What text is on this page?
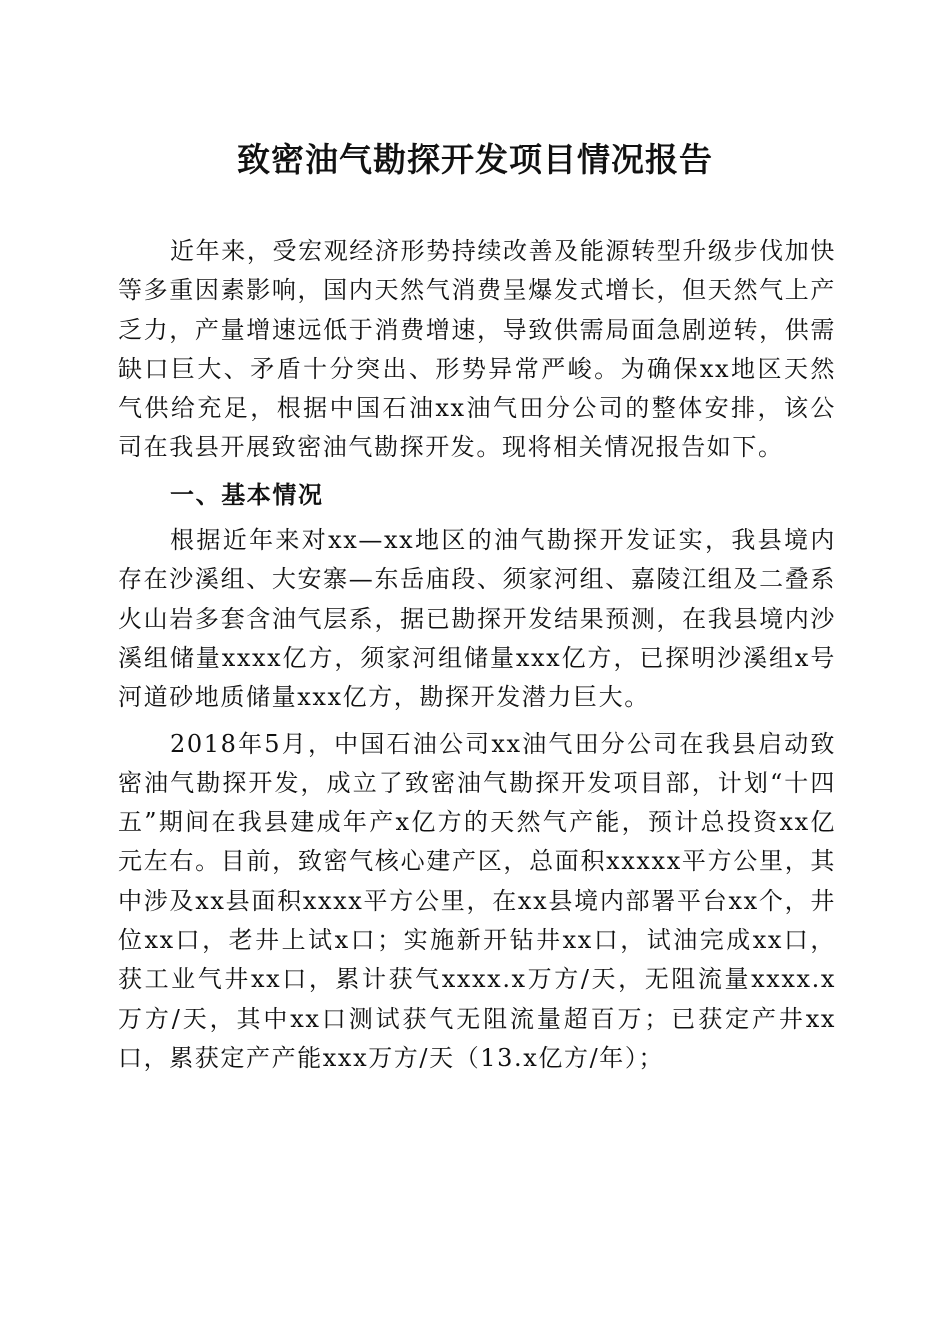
致密油气勘探开发项目情况报告

近年来，受宏观经济形势持续改善及能源转型升级步伐加快等多重因素影响，国内天然气消费呈爆发式增长，但天然气上产乏力，产量增速远低于消费增速，导致供需局面急剧逆转，供需缺口巨大、矛盾十分突出、形势异常严峻。为确保xx地区天然气供给充足，根据中国石油xx油气田分公司的整体安排，该公司在我县开展致密油气勘探开发。现将相关情况报告如下。

一、基本情况

根据近年来对xx—xx地区的油气勘探开发证实，我县境内存在沙溪组、大安寨—东岳庙段、须家河组、嘉陵江组及二叠系火山岩多套含油气层系，据已勘探开发结果预测，在我县境内沙溪组储量xxxx亿方，须家河组储量xxx亿方，已探明沙溪组x号河道砂地质储量xxx亿方，勘探开发潜力巨大。

2018年5月，中国石油公司xx油气田分公司在我县启动致密油气勘探开发，成立了致密油气勘探开发项目部，计划“十四五”期间在我县建成年产x亿方的天然气产能，预计总投资xx亿元左右。目前，致密气核心建产区，总面积xxxxx平方公里，其中涉及xx县面积xxxx平方公里，在xx县境内部署平台xx个，井位xx口，老井上试x口；实施新开钻井xx口，试油完成xx口，获工业气井xx口，累计获气xxxx.x万方/天，无阻流量xxxx.x万方/天，其中xx口测试获气无阻流量超百万；已获定产井xx口，累获定产产能xxx万方/天（13.x亿方/年）；
